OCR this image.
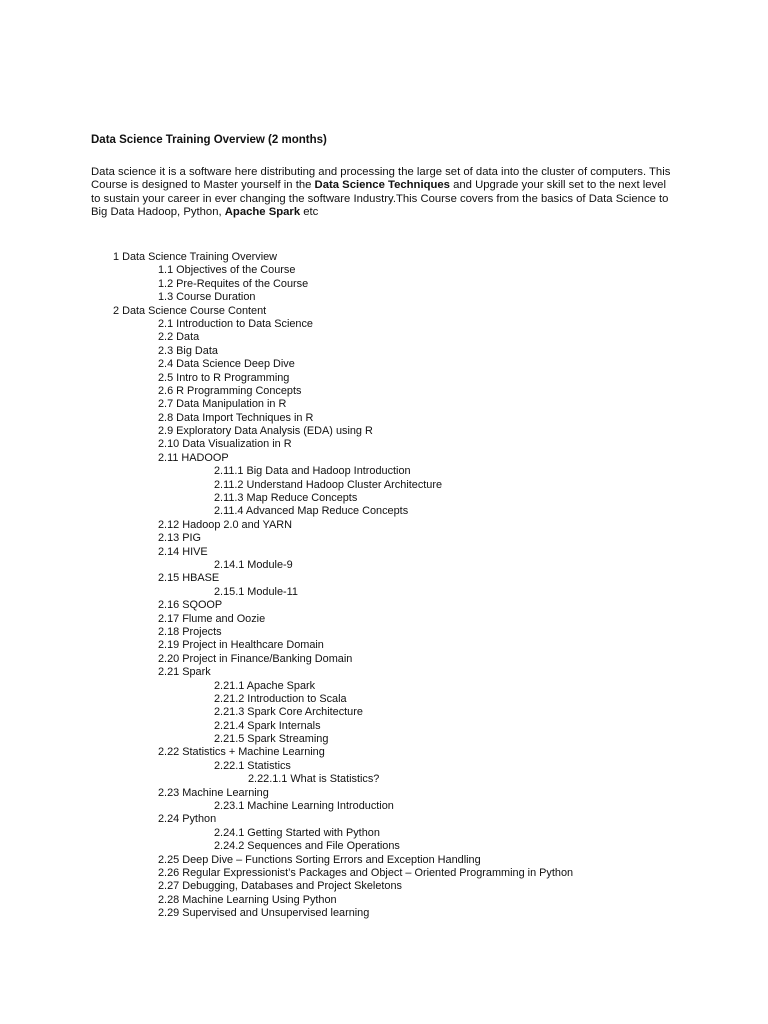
Data Science Training Overview (2 months)
Data science it is a software here distributing and processing the large set of data into the cluster of computers. This
Course is designed to Master yourself in the Data Science Techniques and Upgrade your skill set to the next level
to sustain your career in ever changing the software Industry.This Course covers from the basics of Data Science to
Big Data Hadoop, Python, Apache Spark etc
1 Data Science Training Overview
1.1 Objectives of the Course
1.2 Pre-Requites of the Course
1.3 Course Duration
2 Data Science Course Content
2.1 Introduction to Data Science
2.2 Data
2.3 Big Data
2.4 Data Science Deep Dive
2.5 Intro to R Programming
2.6 R Programming Concepts
2.7 Data Manipulation in R
2.8 Data Import Techniques in R
2.9 Exploratory Data Analysis (EDA) using R
2.10 Data Visualization in R
2.11 HADOOP
2.11.1 Big Data and Hadoop Introduction
2.11.2 Understand Hadoop Cluster Architecture
2.11.3 Map Reduce Concepts
2.11.4 Advanced Map Reduce Concepts
2.12 Hadoop 2.0 and YARN
2.13 PIG
2.14 HIVE
2.14.1 Module-9
2.15 HBASE
2.15.1 Module-11
2.16 SQOOP
2.17 Flume and Oozie
2.18 Projects
2.19 Project in Healthcare Domain
2.20 Project in Finance/Banking Domain
2.21 Spark
2.21.1 Apache Spark
2.21.2 Introduction to Scala
2.21.3 Spark Core Architecture
2.21.4 Spark Internals
2.21.5 Spark Streaming
2.22 Statistics + Machine Learning
2.22.1 Statistics
2.22.1.1 What is Statistics?
2.23 Machine Learning
2.23.1 Machine Learning Introduction
2.24 Python
2.24.1 Getting Started with Python
2.24.2 Sequences and File Operations
2.25 Deep Dive – Functions Sorting Errors and Exception Handling
2.26 Regular Expressionist’s Packages and Object – Oriented Programming in Python
2.27 Debugging, Databases and Project Skeletons
2.28 Machine Learning Using Python
2.29 Supervised and Unsupervised learning
